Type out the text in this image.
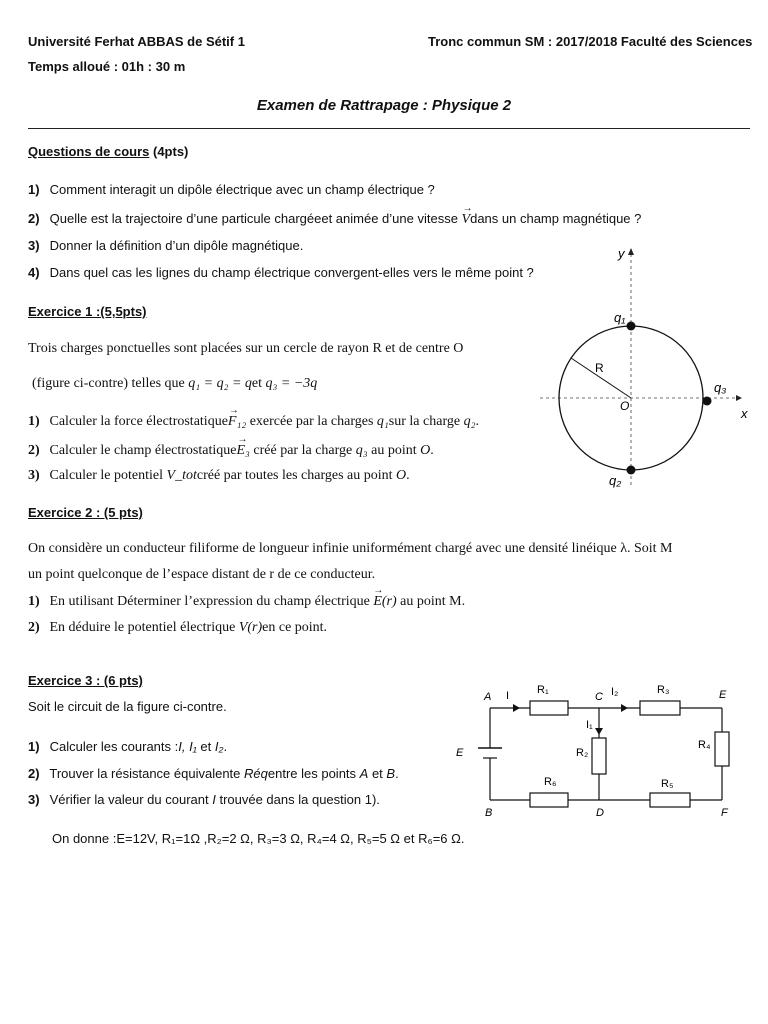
Université Ferhat ABBAS de Sétif 1	Tronc commun SM : 2017/2018 Faculté des Sciences
Temps alloué : 01h : 30 m
Examen de Rattrapage : Physique 2
Questions de cours (4pts)
1) Comment interagit un dipôle électrique avec un champ électrique ?
2) Quelle est la trajectoire d’une particule chargéeet animée d’une vitesse
→
Vdans un champ magnétique ?
3) Donner la définition d’un dipôle magnétique.
4) Dans quel cas les lignes du champ électrique convergent-elles vers le même point ?
Exercice 1 :(5,5pts)
Trois charges ponctuelles sont placées sur un cercle de rayon R et de centre O
(figure ci-contre) telles que q₁ = q₂ = qet q₃ = −3q
1) Calculer la force électrostatique
→
F₁₂ exercée par la charges q₁sur la charge q₂.
2) Calculer le champ électrostatique
→
E₃ créé par la charge q₃ au point O.
3) Calculer le potentiel V_totcréé par toutes les charges au point O.
y
x
O
R
q₁
q₂
q₃
Exercice 2 : (5 pts)
On considère un conducteur filiforme de longueur infinie uniformément chargé avec une densité linéique λ. Soit M
un point quelconque de l’espace distant de r de ce conducteur.
1) En utilisant Déterminer l’expression du champ électrique
→
E(r) au point M.
2) En déduire le potentiel électrique V(r)en ce point.
Exercice 3 : (6 pts)
Soit le circuit de la figure ci-contre.
1) Calculer les courants :I, I₁ et I₂.
2) Trouver la résistance équivalente Réqentre les points A et B.
3) Vérifier la valeur du courant I trouvée dans la question 1).
On donne :E=12V, R₁=1Ω ,R₂=2 Ω, R₃=3 Ω, R₄=4 Ω, R₅=5 Ω et R₆=6 Ω.
A I	R₁
C I₂	R₃	E
I₁
R₂
R₄
E
R₆	R₅
B	D	F
